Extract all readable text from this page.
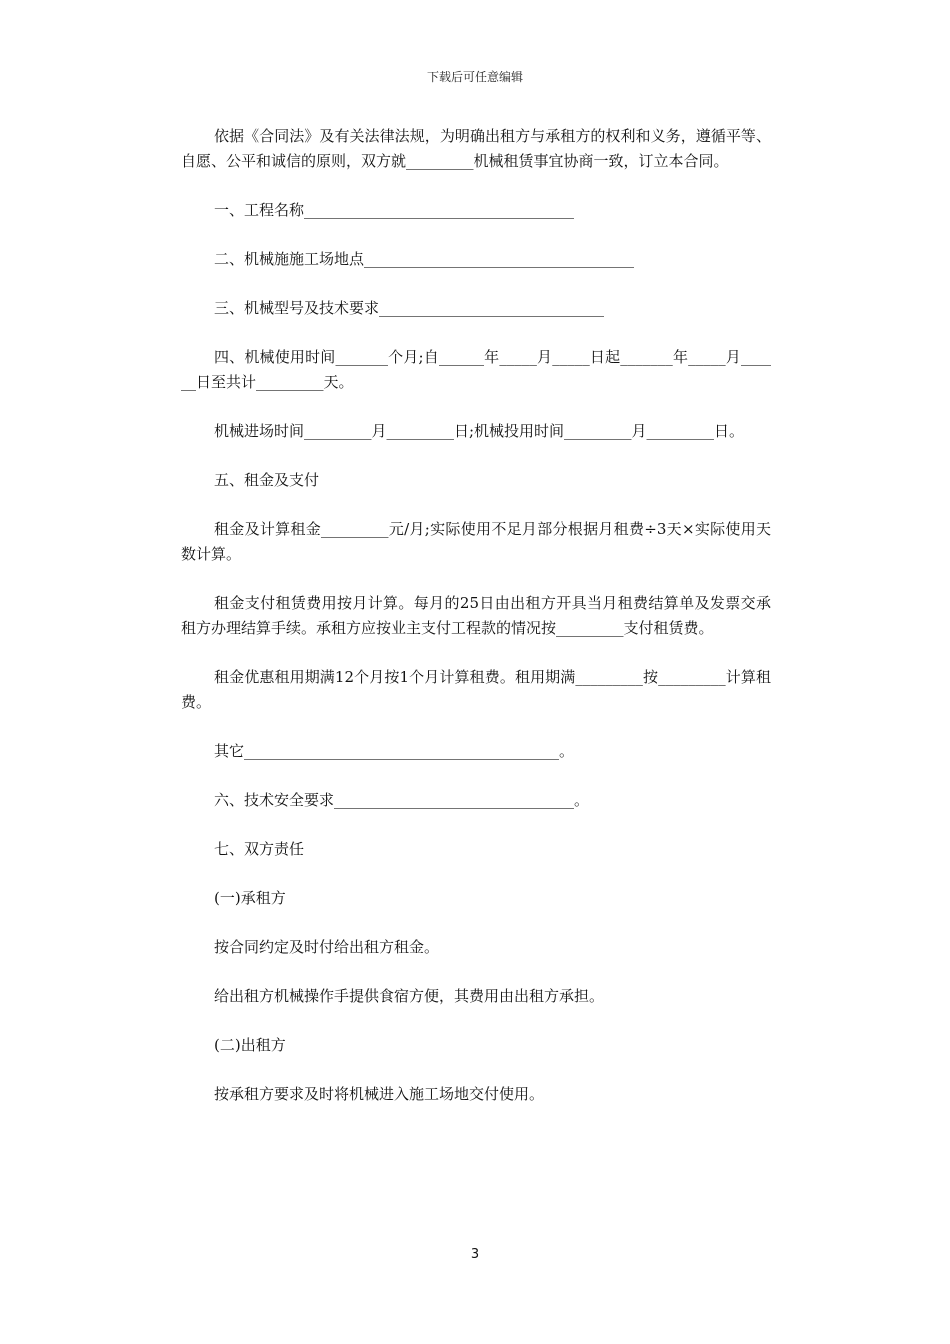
下载后可任意编辑

依据《合同法》及有关法律法规，为明确出租方与承租方的权利和义务，遵循平等、自愿、公平和诚信的原则，双方就_________机械租赁事宜协商一致，订立本合同。

一、工程名称____________________________________

二、机械施施工场地点____________________________________

三、机械型号及技术要求______________________________

四、机械使用时间_______个月;自______年_____月_____日起_______年_____月______日至共计_________天。

机械进场时间_________月_________日;机械投用时间_________月_________日。

五、租金及支付

租金及计算租金_________元/月;实际使用不足月部分根据月租费÷3天×实际使用天数计算。

租金支付租赁费用按月计算。每月的25日由出租方开具当月租费结算单及发票交承租方办理结算手续。承租方应按业主支付工程款的情况按_________支付租赁费。

租金优惠租用期满12个月按1个月计算租费。租用期满_________按_________计算租费。

其它__________________________________________。

六、技术安全要求________________________________。

七、双方责任

(一)承租方

按合同约定及时付给出租方租金。

给出租方机械操作手提供食宿方便，其费用由出租方承担。

(二)出租方

按承租方要求及时将机械进入施工场地交付使用。

3
